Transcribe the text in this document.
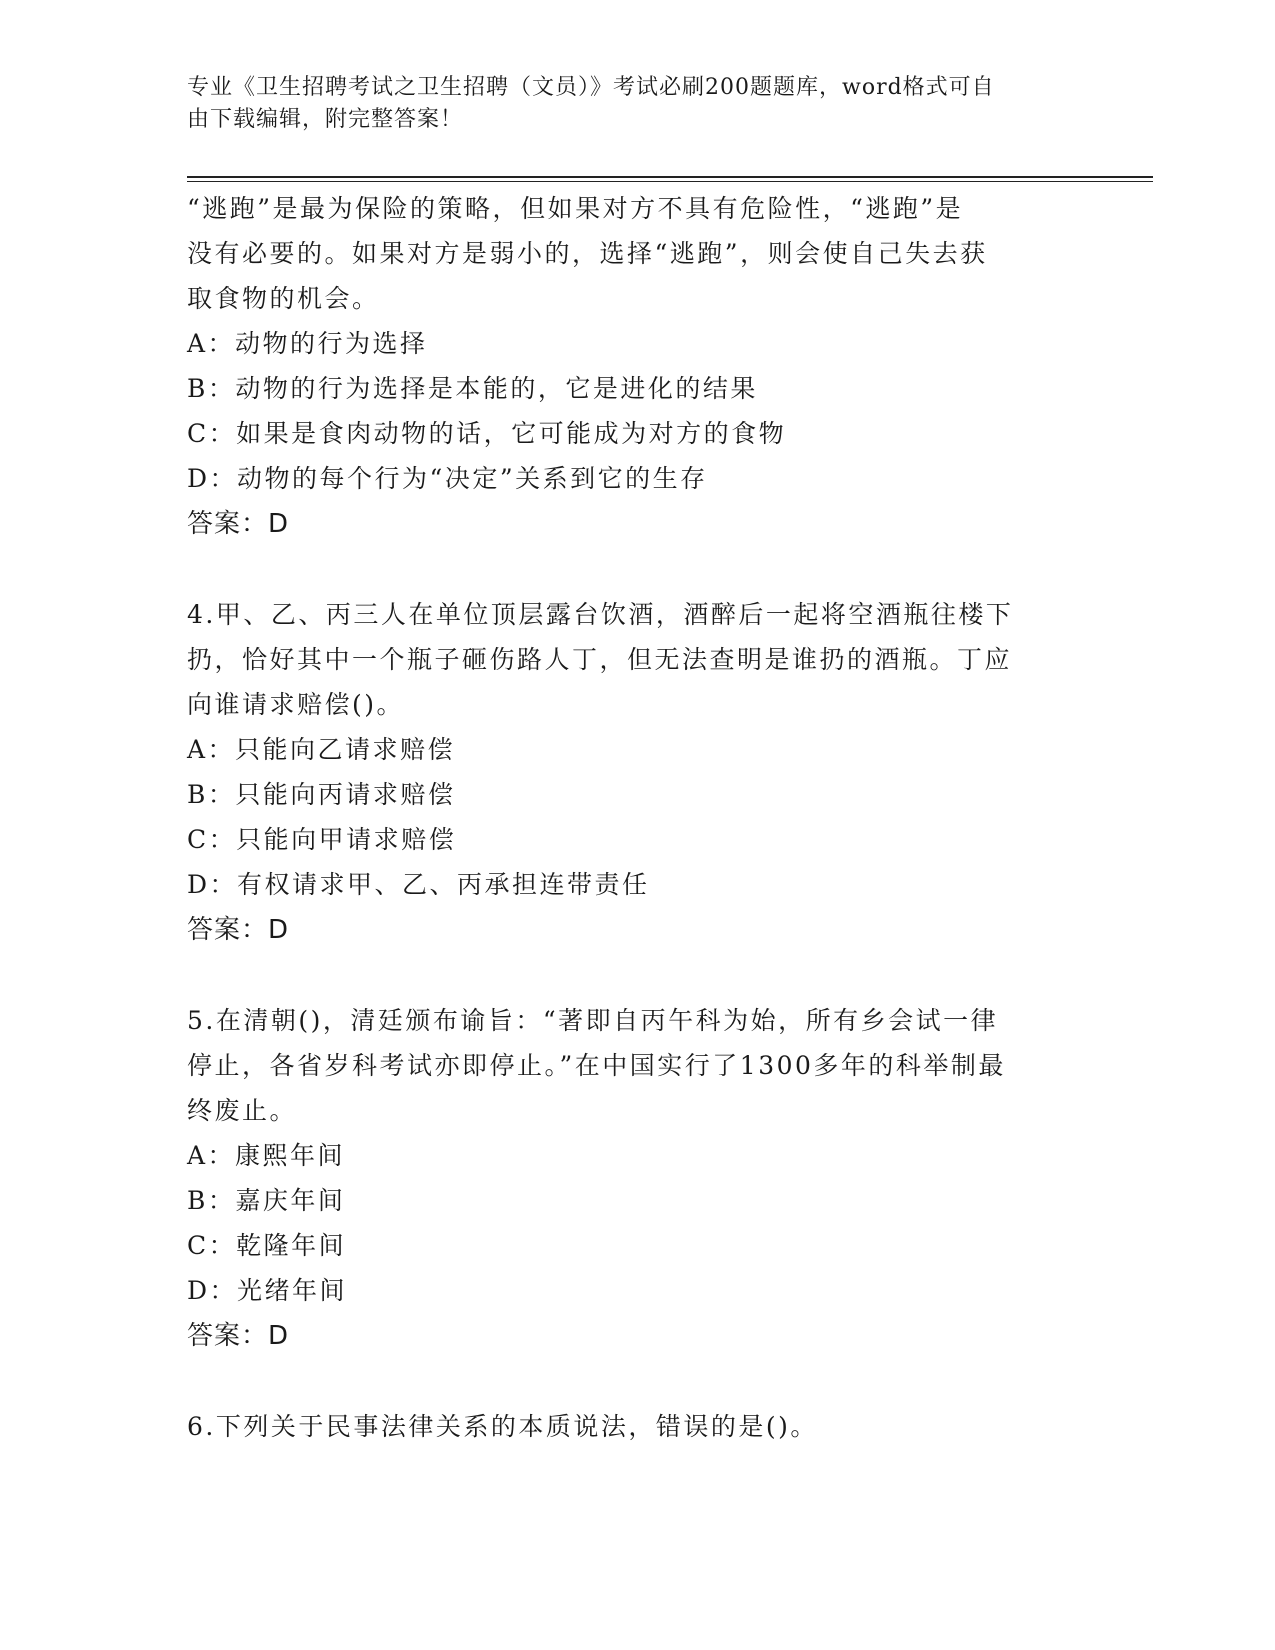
专业《卫生招聘考试之卫生招聘（文员）》考试必刷200题题库，word格式可自
由下载编辑，附完整答案！
“逃跑”是最为保险的策略，但如果对方不具有危险性，“逃跑”是
没有必要的。如果对方是弱小的，选择“逃跑”，则会使自己失去获
取食物的机会。
A：动物的行为选择
B：动物的行为选择是本能的，它是进化的结果
C：如果是食肉动物的话，它可能成为对方的食物
D：动物的每个行为“决定”关系到它的生存
答案：D
4.甲、乙、丙三人在单位顶层露台饮酒，酒醉后一起将空酒瓶往楼下
扔，恰好其中一个瓶子砸伤路人丁，但无法查明是谁扔的酒瓶。丁应
向谁请求赔偿()。
A：只能向乙请求赔偿
B：只能向丙请求赔偿
C：只能向甲请求赔偿
D：有权请求甲、乙、丙承担连带责任
答案：D
5.在清朝()，清廷颁布谕旨：“著即自丙午科为始，所有乡会试一律
停止，各省岁科考试亦即停止。”在中国实行了1300多年的科举制最
终废止。
A：康熙年间
B：嘉庆年间
C：乾隆年间
D：光绪年间
答案：D
6.下列关于民事法律关系的本质说法，错误的是()。
